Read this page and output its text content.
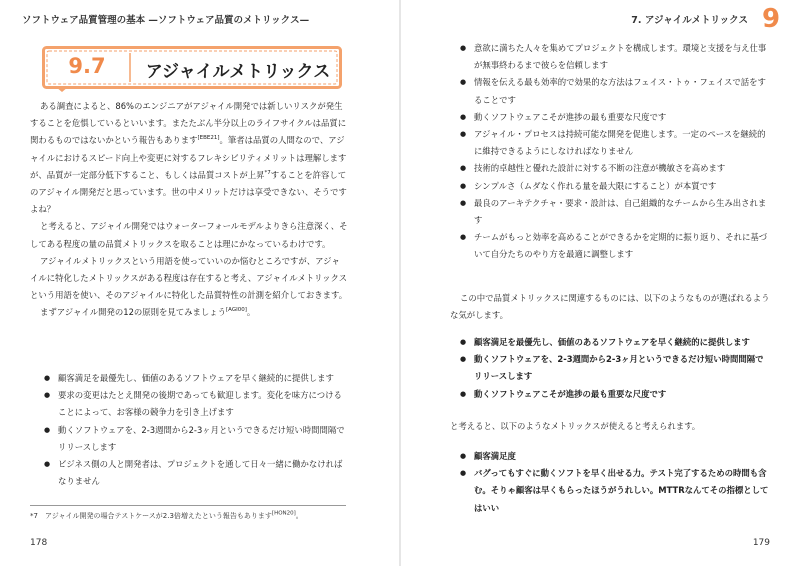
ソフトウェア品質管理の基本 —ソフトウェア品質のメトリックス—
9.7	アジャイルメトリックス

ある調査によると、86%のエンジニアがアジャイル開発では新しいリスクが発生することを危惧しているといいます。またたぶん半分以上のライフサイクルは品質に関わるものではないかという報告もあります[EBE21]。筆者は品質の人間なので、アジャイルにおけるスピード向上や変更に対するフレキシビリティメリットは理解しますが、品質が一定部分低下すること、もしくは品質コストが上昇$^{*7}$することを許容してのアジャイル開発だと思っています。世の中メリットだけは享受できない、そうですよね？

と考えると、アジャイル開発ではウォーターフォールモデルよりきら注意深く、そしてある程度の量の品質メトリックスを取ることは理にかなっているわけです。

アジャイルメトリックスという用語を使っていいのか悩むところですが、アジャイルに特化したメトリックスがある程度は存在すると考え、アジャイルメトリックスという用語を使い、そのアジャイルに特化した品質特性の計測を紹介しておきます。

まずアジャイル開発の12の原則を見てみましょう[AGI00]。

● 顧客満足を最優先し、価値のあるソフトウェアを早く継続的に提供します
● 要求の変更はたとえ開発の後期であっても歓迎します。変化を味方につけることによって、お客様の競争力を引き上げます
● 動くソフトウェアを、2-3週間から2-3ヶ月というできるだけ短い時間間隔でリリースします
● ビジネス側の人と開発者は、プロジェクトを通して日々一緒に働かなければなりません
*7　 アジャイル開発の場合テストケースが2.3倍増えたという報告もあります[HON20]。
178
7. アジャイルメトリックス 9
179
● 意欲に満ちた人々を集めてプロジェクトを構成します。環境と支援を与え仕事が無事終わるまで彼らを信頼します
● 情報を伝える最も効率的で効果的な方法はフェイス・トゥ・フェイスで話をすることです
● 動くソフトウェアこそが進捗の最も重要な尺度です
● アジャイル・プロセスは持続可能な開発を促進します。一定のペースを継続的に維持できるようにしなければなりません
● 技術的卓越性と優れた設計に対する不断の注意が機敏さを高めます
● シンプルさ（ムダなく作れる量を最大限にすること）が本質です
● 最良のアーキテクチャ・要求・設計は、自己組織的なチームから生み出されます
● チームがもっと効率を高めることができるかを定期的に振り返り、それに基づいて自分たちのやり方を最適に調整します

この中で品質メトリックスに関連するものには、以下のようなものが選ばれるような気がします。

● 顧客満足を最優先し、価値のあるソフトウェアを早く継続的に提供します
● 動くソフトウェアを、2-3週間から2-3ヶ月というできるだけ短い時間間隔でリリースします
● 動くソフトウェアこそが進捗の最も重要な尺度です

と考えると、以下のようなメトリックスが使えると考えられます。

● 顧客満足度
● バグってもすぐに動くソフトを早く出せる力。テスト完了するための時間も含む。そりゃ顧客は早くもらったほうがうれしい。MTTRなんてその指標としてはいい
